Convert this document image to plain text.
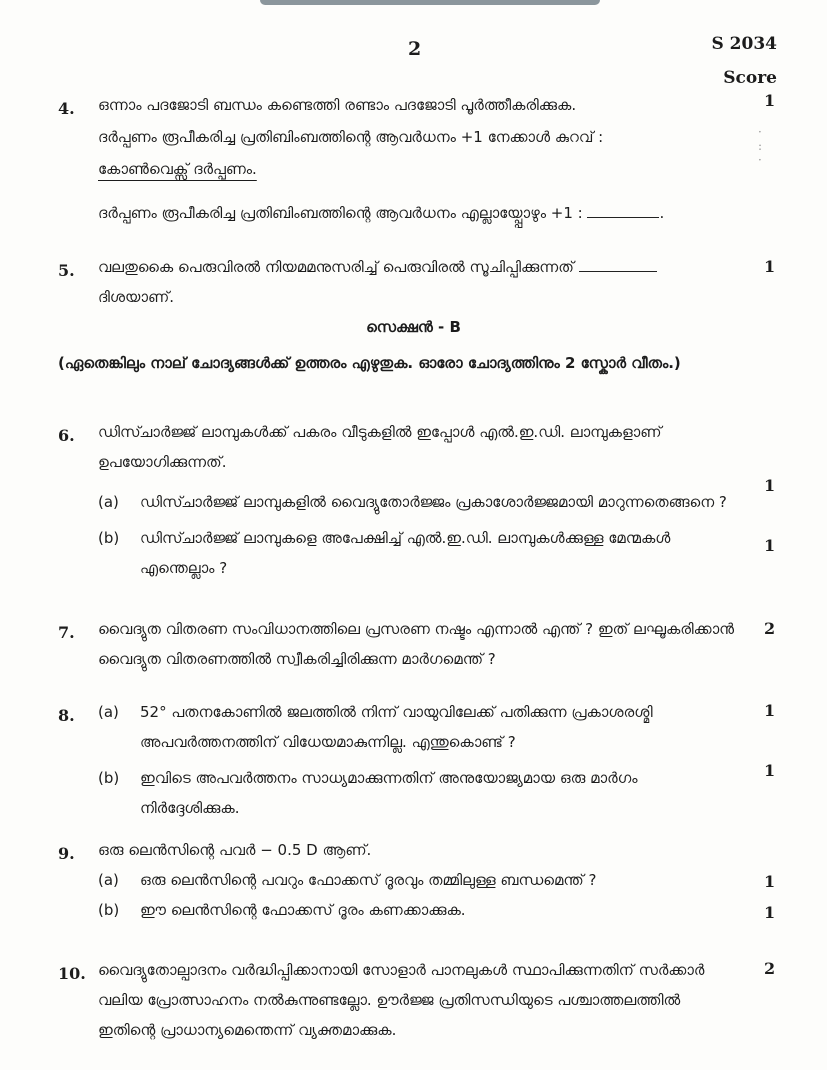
2	S 2034
Score
4. ഒന്നാം പദജോടി ബന്ധം കണ്ടെത്തി രണ്ടാം പദജോടി പൂർത്തീകരിക്കുക.
ദർപ്പണം രൂപീകരിച്ച പ്രതിബിംബത്തിന്റെ ആവർധനം +1 നേക്കാൾ കുറവ് :
കോൺവെക്സ് ദർപ്പണം.
ദർപ്പണം രൂപീകരിച്ച പ്രതിബിംബത്തിന്റെ ആവർധനം എല്ലായ്പ്പോഴും +1 :	.
1
·
:
·
5. വലതുകൈ പെരുവിരൽ നിയമമനുസരിച്ച് പെരുവിരൽ സൂചിപ്പിക്കുന്നത്
ദിശയാണ്.
1
സെക്ഷൻ - B
(ഏതെങ്കിലും നാല് ചോദ്യങ്ങൾക്ക് ഉത്തരം എഴുതുക. ഓരോ ചോദ്യത്തിനും 2 സ്കോർ വീതം.)
6. ഡിസ്ചാർജ്ജ് ലാമ്പുകൾക്ക് പകരം വീടുകളിൽ ഇപ്പോൾ എൽ.ഇ.ഡി. ലാമ്പുകളാണ് ഉപയോഗിക്കുന്നത്.
(a) ഡിസ്ചാർജ്ജ് ലാമ്പുകളിൽ വൈദ്യുതോർജ്ജം പ്രകാശോർജ്ജമായി മാറുന്നതെങ്ങനെ ?
(b) ഡിസ്ചാർജ്ജ് ലാമ്പുകളെ അപേക്ഷിച്ച് എൽ.ഇ.ഡി. ലാമ്പുകൾക്കുള്ള മേന്മകൾ എന്തെല്ലാം ?
1
1
7. വൈദ്യുത വിതരണ സംവിധാനത്തിലെ പ്രസരണ നഷ്ടം എന്നാൽ എന്ത് ? ഇത് ലഘൂകരിക്കാൻ വൈദ്യുത വിതരണത്തിൽ സ്വീകരിച്ചിരിക്കുന്ന മാർഗമെന്ത് ?
2
8. (a) 52° പതനകോണിൽ ജലത്തിൽ നിന്ന് വായുവിലേക്ക് പതിക്കുന്ന പ്രകാശരശ്മി അപവർത്തനത്തിന് വിധേയമാകുന്നില്ല. എന്തുകൊണ്ട് ?
(b) ഇവിടെ അപവർത്തനം സാധ്യമാക്കുന്നതിന് അനുയോജ്യമായ ഒരു മാർഗം നിർദ്ദേശിക്കുക.
1
1
9. ഒരു ലെൻസിന്റെ പവർ − 0.5 D ആണ്.
(a) ഒരു ലെൻസിന്റെ പവറും ഫോക്കസ് ദൂരവും തമ്മിലുള്ള ബന്ധമെന്ത് ?
(b) ഈ ലെൻസിന്റെ ഫോക്കസ് ദൂരം കണക്കാക്കുക.
1
1
10. വൈദ്യുതോല്പാദനം വർദ്ധിപ്പിക്കാനായി സോളാർ പാനലുകൾ സ്ഥാപിക്കുന്നതിന് സർക്കാർ വലിയ പ്രോത്സാഹനം നൽകുന്നുണ്ടല്ലോ. ഊർജ്ജ പ്രതിസന്ധിയുടെ പശ്ചാത്തലത്തിൽ ഇതിന്റെ പ്രാധാന്യമെന്തെന്ന് വ്യക്തമാക്കുക.
2
